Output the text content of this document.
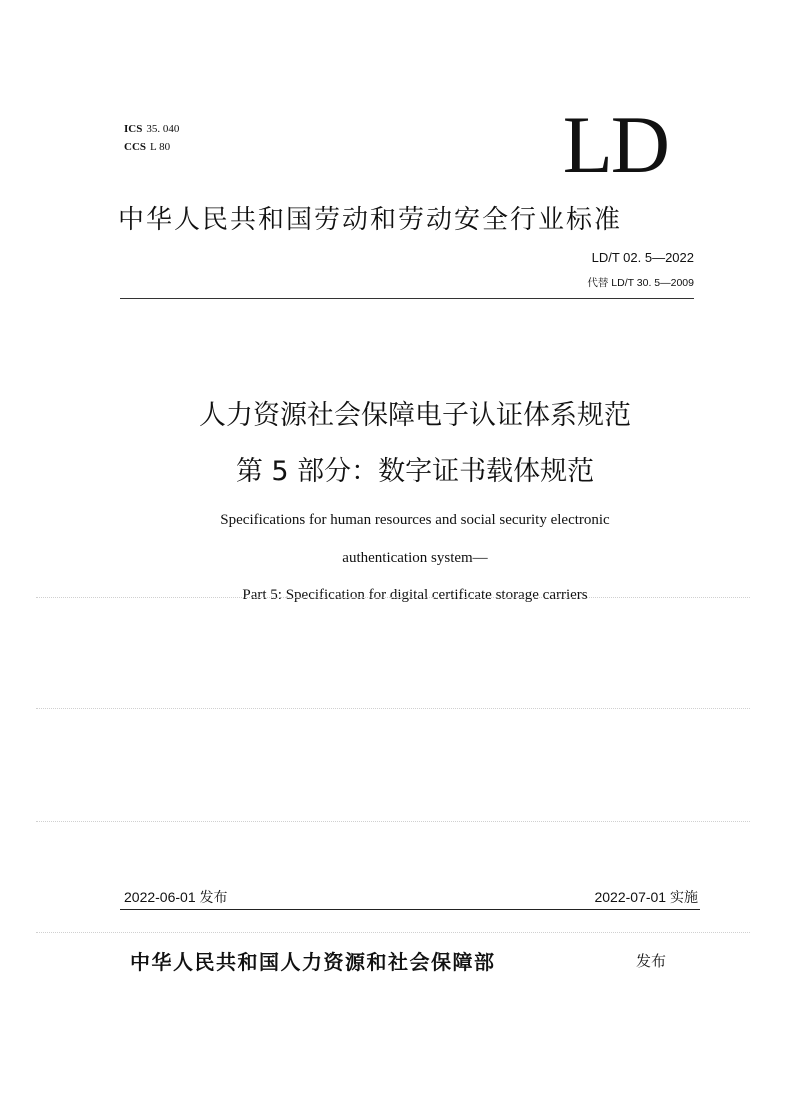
ICS 35. 040
CCS L 80	LD
中华人民共和国劳动和劳动安全行业标准
LD/T 02. 5—2022
代替 LD/T 30. 5—2009
人力资源社会保障电子认证体系规范
第 5 部分：数字证书载体规范
Specifications for human resources and social security electronic
authentication system—
Part 5: Specification for digital certificate storage carriers
2022-06-01 发布	2022-07-01 实施
中华人民共和国人力资源和社会保障部	发布
